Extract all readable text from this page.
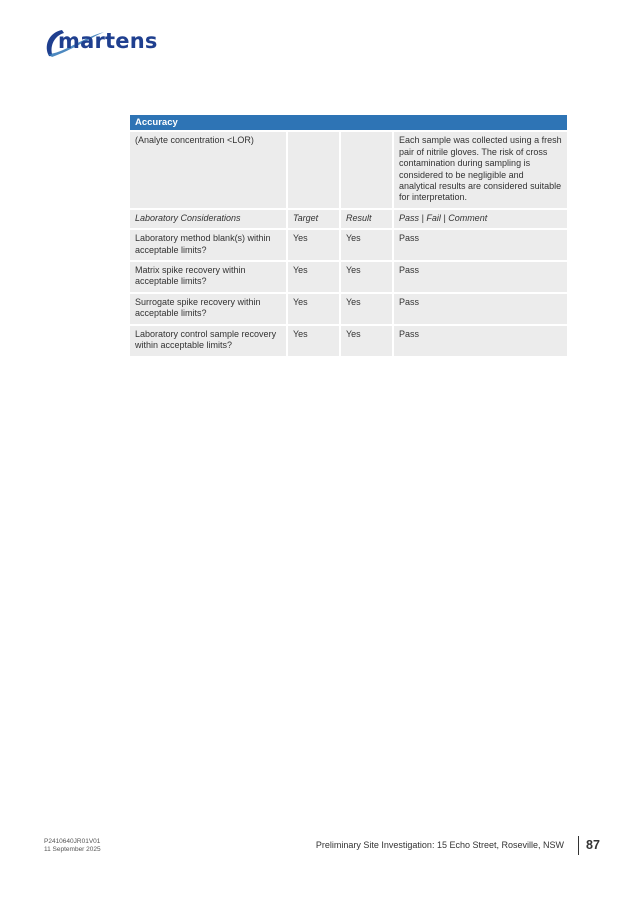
martens
Accuracy			
(Analyte concentration <LOR)			Each sample was collected using a fresh pair of nitrile gloves. The risk of cross contamination during sampling is considered to be negligible and analytical results are considered suitable for interpretation.
Laboratory Considerations	Target	Result	Pass | Fail | Comment
Laboratory method blank(s) within acceptable limits?	Yes	Yes	Pass
Matrix spike recovery within acceptable limits?	Yes	Yes	Pass
Surrogate spike recovery within acceptable limits?	Yes	Yes	Pass
Laboratory control sample recovery within acceptable limits?	Yes	Yes	Pass
P2410640JR01V01
11 September 2025	Preliminary Site Investigation: 15 Echo Street, Roseville, NSW 87
